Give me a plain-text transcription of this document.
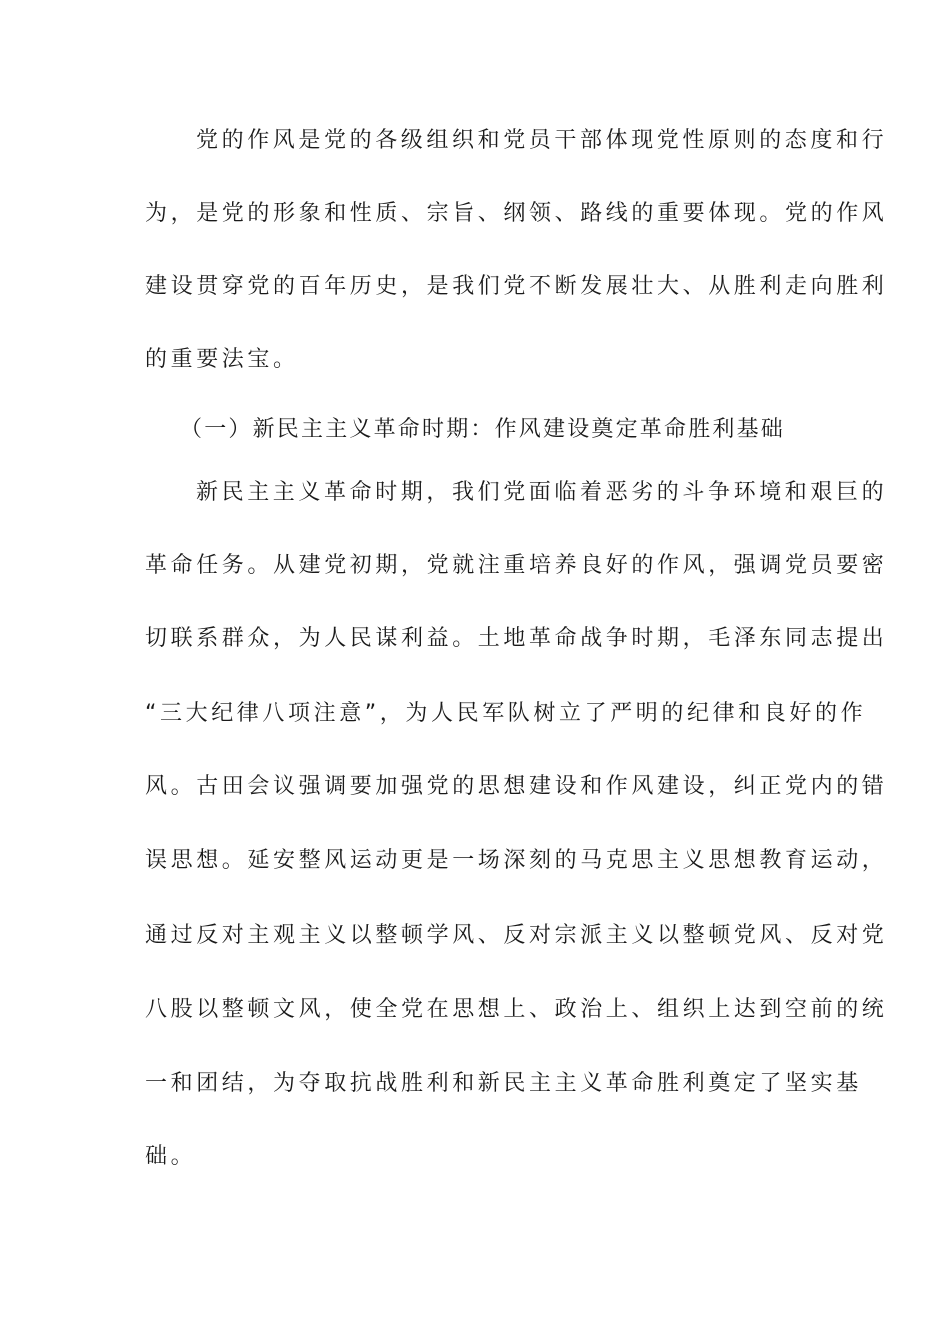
党的作风是党的各级组织和党员干部体现党性原则的态度和行
为，是党的形象和性质、宗旨、纲领、路线的重要体现。党的作风
建设贯穿党的百年历史，是我们党不断发展壮大、从胜利走向胜利
的重要法宝。
（一）新民主主义革命时期：作风建设奠定革命胜利基础
新民主主义革命时期，我们党面临着恶劣的斗争环境和艰巨的
革命任务。从建党初期，党就注重培养良好的作风，强调党员要密
切联系群众，为人民谋利益。土地革命战争时期，毛泽东同志提出
“三大纪律八项注意”，为人民军队树立了严明的纪律和良好的作
风。古田会议强调要加强党的思想建设和作风建设，纠正党内的错
误思想。延安整风运动更是一场深刻的马克思主义思想教育运动，
通过反对主观主义以整顿学风、反对宗派主义以整顿党风、反对党
八股以整顿文风，使全党在思想上、政治上、组织上达到空前的统
一和团结，为夺取抗战胜利和新民主主义革命胜利奠定了坚实基
础。
